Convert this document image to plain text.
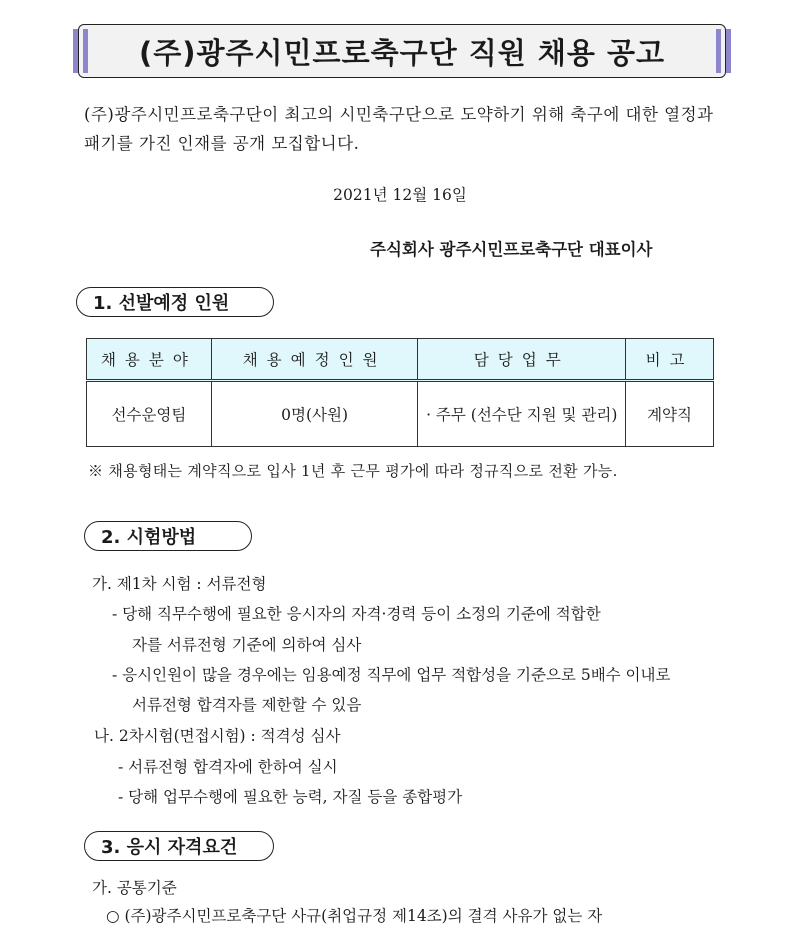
(주)광주시민프로축구단 직원 채용 공고
(주)광주시민프로축구단이 최고의 시민축구단으로 도약하기 위해 축구에 대한 열정과 패기를 가진 인재를 공개 모집합니다.
2021년 12월 16일
주식회사 광주시민프로축구단 대표이사
1. 선발예정 인원
채용분야	채용예정인원	담당업무	비고
선수운영팀	0명(사원)	· 주무 (선수단 지원 및 관리)	계약직
※ 채용형태는 계약직으로 입사 1년 후 근무 평가에 따라 정규직으로 전환 가능.
2. 시험방법
가. 제1차 시험 : 서류전형
- 당해 직무수행에 필요한 응시자의 자격·경력 등이 소정의 기준에 적합한
자를 서류전형 기준에 의하여 심사
- 응시인원이 많을 경우에는 임용예정 직무에 업무 적합성을 기준으로 5배수 이내로
서류전형 합격자를 제한할 수 있음
나. 2차시험(면접시험) : 적격성 심사
- 서류전형 합격자에 한하여 실시
- 당해 업무수행에 필요한 능력, 자질 등을 종합평가
3. 응시 자격요건
가. 공통기준
○ (주)광주시민프로축구단 사규(취업규정 제14조)의 결격 사유가 없는 자
